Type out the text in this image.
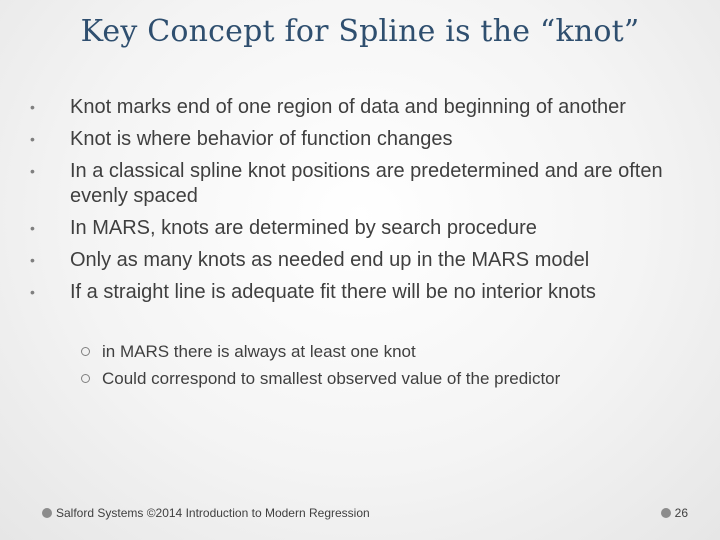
Key Concept for Spline is the “knot”
•	Knot marks end of one region of data and beginning of another
•	Knot is where behavior of function changes
•	In a classical spline knot positions are predetermined and are often evenly spaced
•	In MARS, knots are determined by search procedure
•	Only as many knots as needed end up in the MARS model
•	If a straight line is adequate fit there will be no interior knots
in MARS there is always at least one knot
Could correspond to smallest observed value of the predictor
Salford Systems ©2014 Introduction to Modern Regression	26
